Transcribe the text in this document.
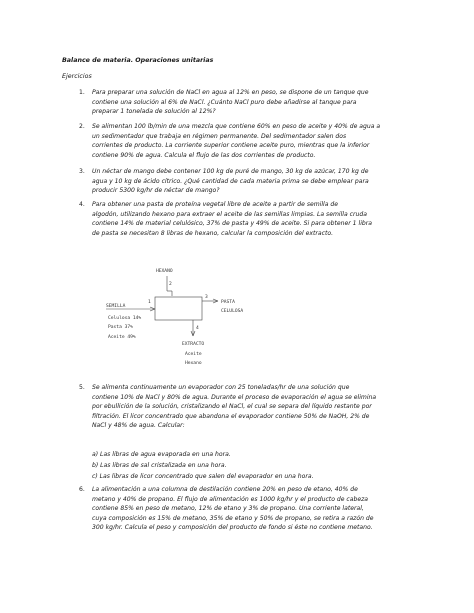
Balance de materia. Operaciones unitarias
Ejercicios
1. Para preparar una solución de NaCl en agua al 12% en peso, se dispone de un tanque que
contiene una solución al 6% de NaCl. ¿Cuánto NaCl puro debe añadirse al tanque para
preparar 1 tonelada de solución al 12%?
2. Se alimentan 100 lb/min de una mezcla que contiene 60% en peso de aceite y 40% de agua a
un sedimentador que trabaja en régimen permanente. Del sedimentador salen dos
corrientes de producto. La corriente superior contiene aceite puro, mientras que la inferior
contiene 90% de agua. Calcula el flujo de las dos corrientes de producto.
3. Un néctar de mango debe contener 100 kg de puré de mango, 30 kg de azúcar, 170 kg de
agua y 10 kg de ácido cítrico. ¿Qué cantidad de cada materia prima se debe emplear para
producir 5300 kg/hr de néctar de mango?
4. Para obtener una pasta de proteína vegetal libre de aceite a partir de semilla de
algodón, utilizando hexano para extraer el aceite de las semillas limpias. La semilla cruda
contiene 14% de material celulósico, 37% de pasta y 49% de aceite. Si para obtener 1 libra
de pasta se necesitan 8 libras de hexano, calcular la composición del extracto.
HEXANO
2
SEMILLA
1
Celulosa 14%
Pasta 37%
Aceite 49%
3
PASTA
CELULOSA
4
EXTRACTO
Aceite
Hexano
5. Se alimenta continuamente un evaporador con 25 toneladas/hr de una solución que
contiene 10% de NaCl y 80% de agua. Durante el proceso de evaporación el agua se elimina
por ebullición de la solución, cristalizando el NaCl, el cual se separa del líquido restante por
filtración. El licor concentrado que abandona el evaporador contiene 50% de NaOH, 2% de
NaCl y 48% de agua. Calcular:
a) Las libras de agua evaporada en una hora.
b) Las libras de sal cristalizada en una hora.
c) Las libras de licor concentrado que salen del evaporador en una hora.
6. La alimentación a una columna de destilación contiene 20% en peso de etano, 40% de
metano y 40% de propano. El flujo de alimentación es 1000 kg/hr y el producto de cabeza
contiene 85% en peso de metano, 12% de etano y 3% de propano. Una corriente lateral,
cuya composición es 15% de metano, 35% de etano y 50% de propano, se retira a razón de
300 kg/hr. Calcula el peso y composición del producto de fondo si éste no contiene metano.
